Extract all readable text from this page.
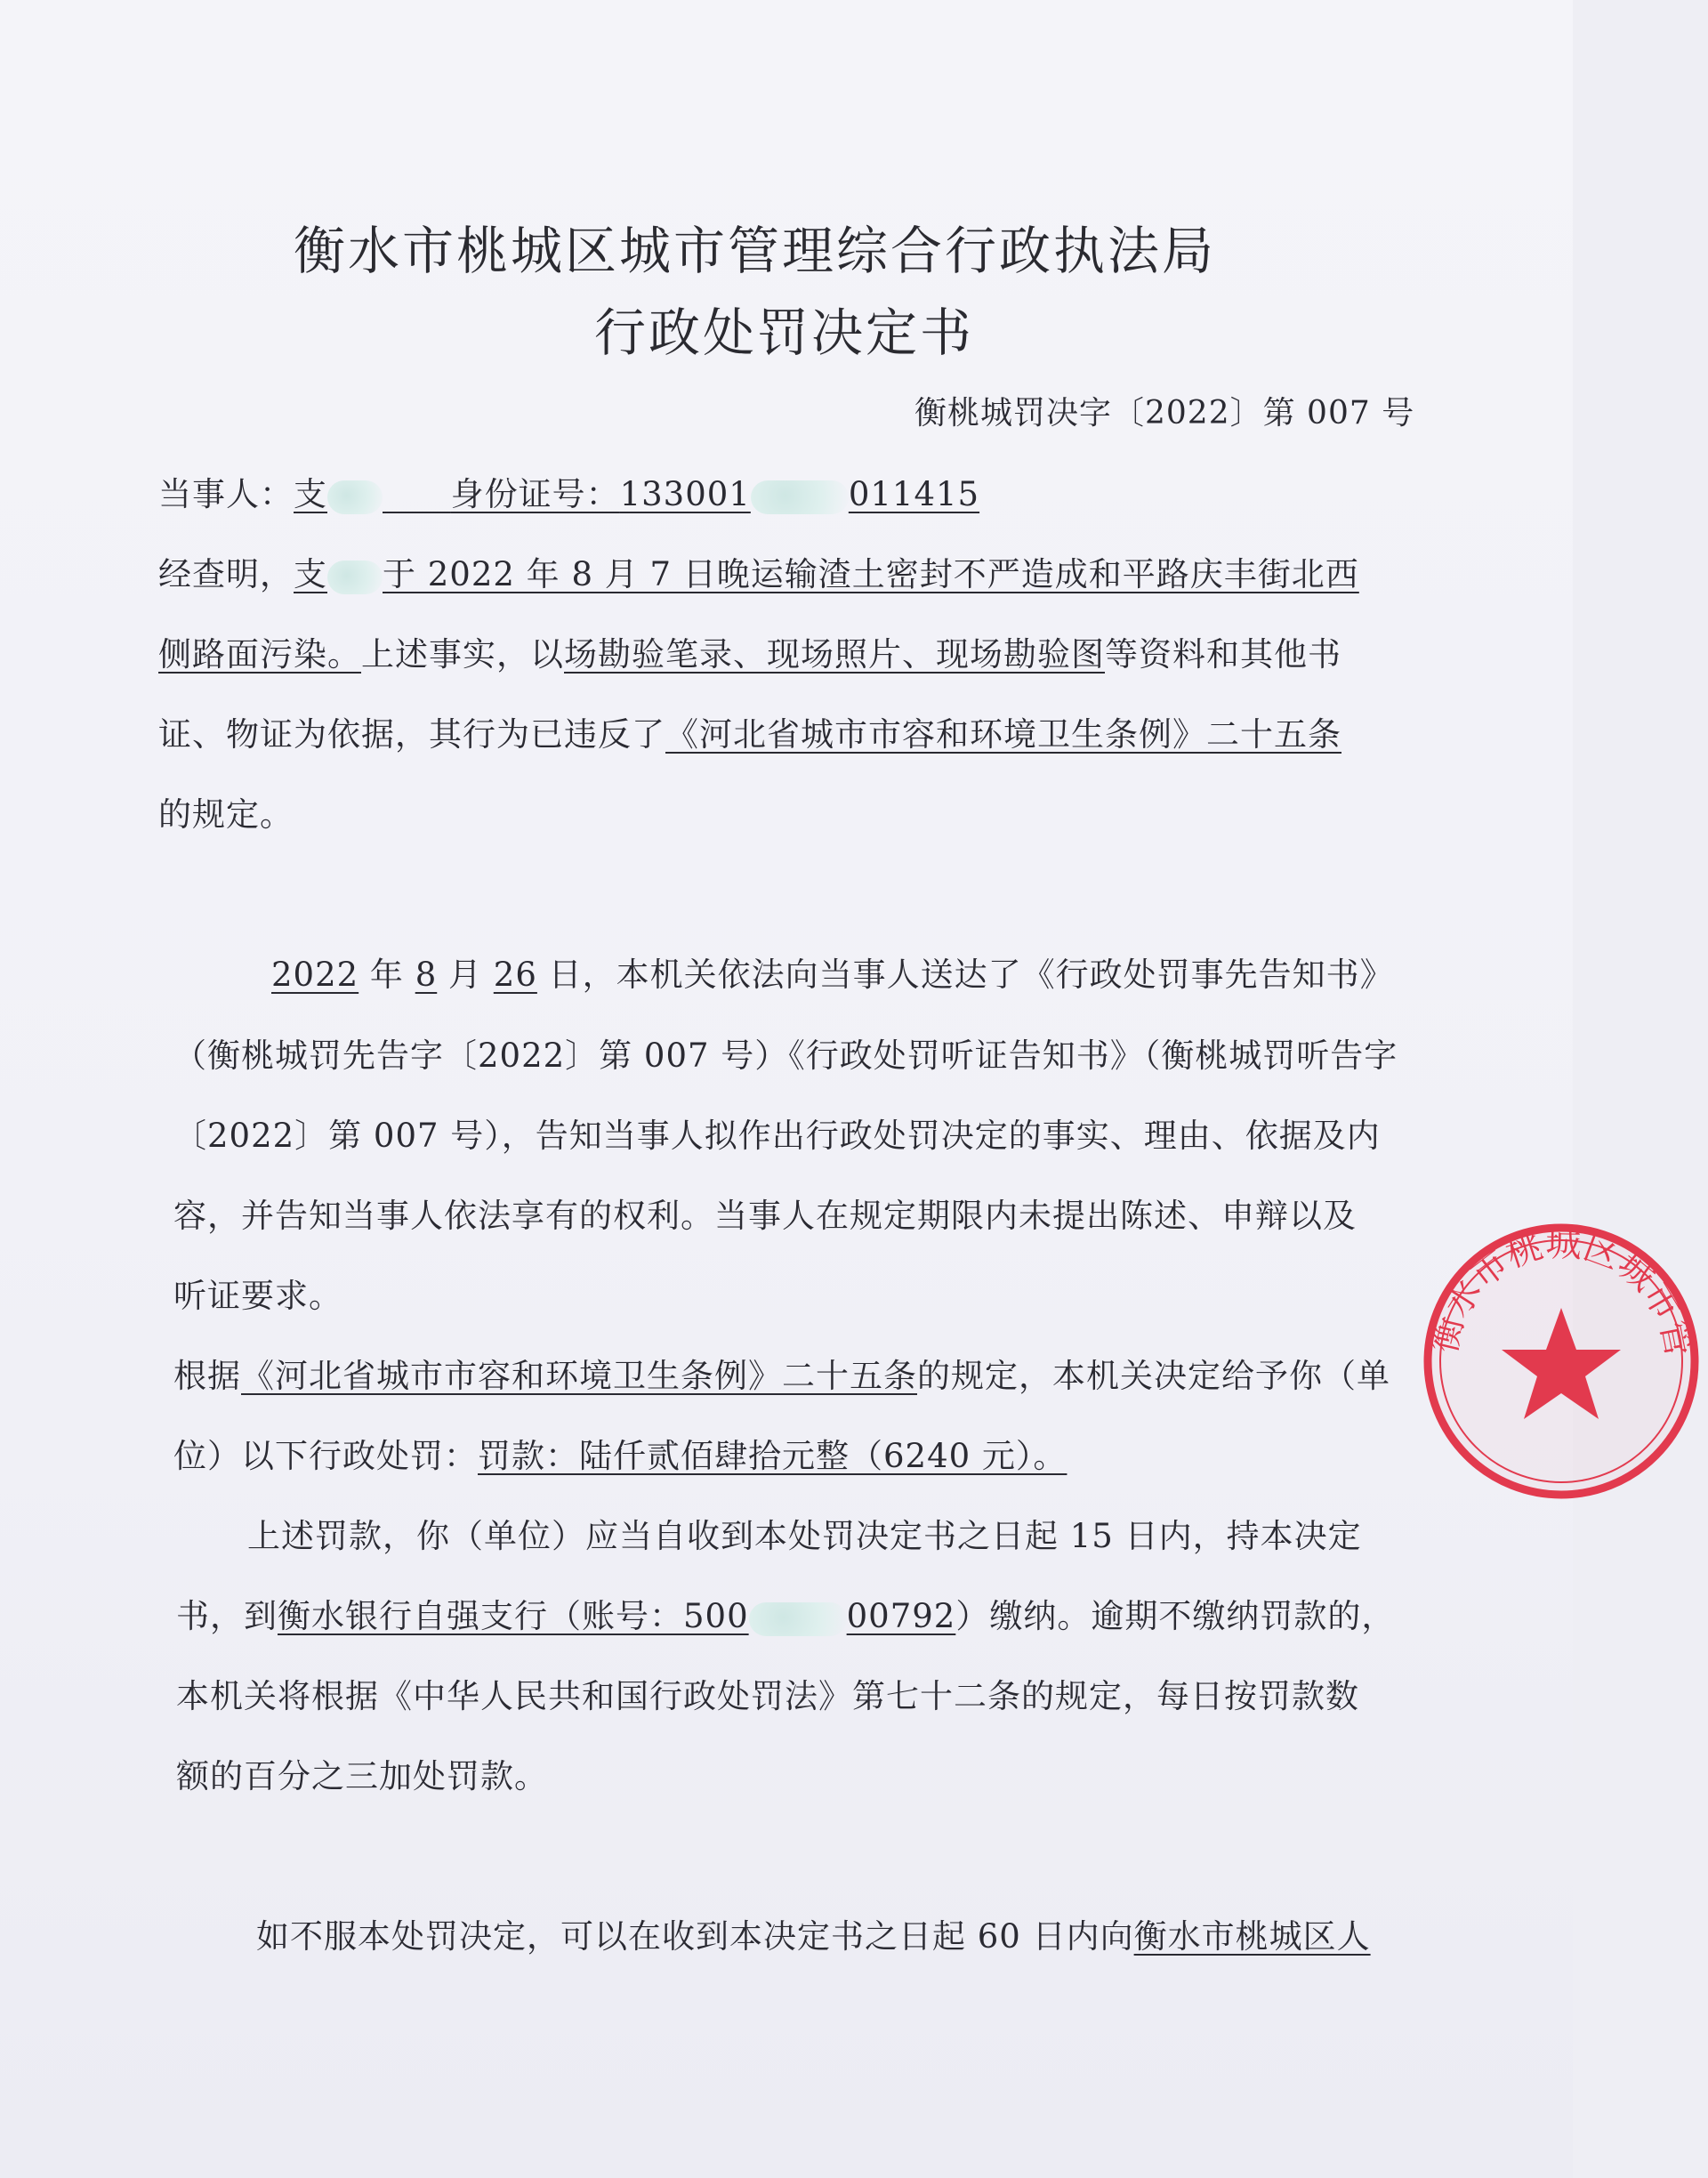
衡水市桃城区城市管理综合行政执法局
行政处罚决定书
衡桃城罚决字〔2022〕第 007 号
当事人：支	身份证号：133001	011415
经查明，支 于 2022 年 8 月 7 日晚运输渣土密封不严造成和平路庆丰街北西
侧路面污染。上述事实，以场勘验笔录、现场照片、现场勘验图等资料和其他书
证、物证为依据，其行为已违反了《河北省城市市容和环境卫生条例》二十五条
的规定。
2022 年 8 月 26 日，本机关依法向当事人送达了《行政处罚事先告知书》
（衡桃城罚先告字〔2022〕第 007 号）《行政处罚听证告知书》（衡桃城罚听告字
〔2022〕第 007 号），告知当事人拟作出行政处罚决定的事实、理由、依据及内
容，并告知当事人依法享有的权利。当事人在规定期限内未提出陈述、申辩以及
听证要求。
根据《河北省城市市容和环境卫生条例》二十五条的规定，本机关决定给予你（单
位）以下行政处罚：罚款：陆仟贰佰肆拾元整（6240 元）。
上述罚款，你（单位）应当自收到本处罚决定书之日起 15 日内，持本决定
书，到衡水银行自强支行（账号：500	00792）缴纳。逾期不缴纳罚款的，
本机关将根据《中华人民共和国行政处罚法》第七十二条的规定，每日按罚款数
额的百分之三加处罚款。
如不服本处罚决定，可以在收到本决定书之日起 60 日内向衡水市桃城区人
衡水市桃城区城市管理
